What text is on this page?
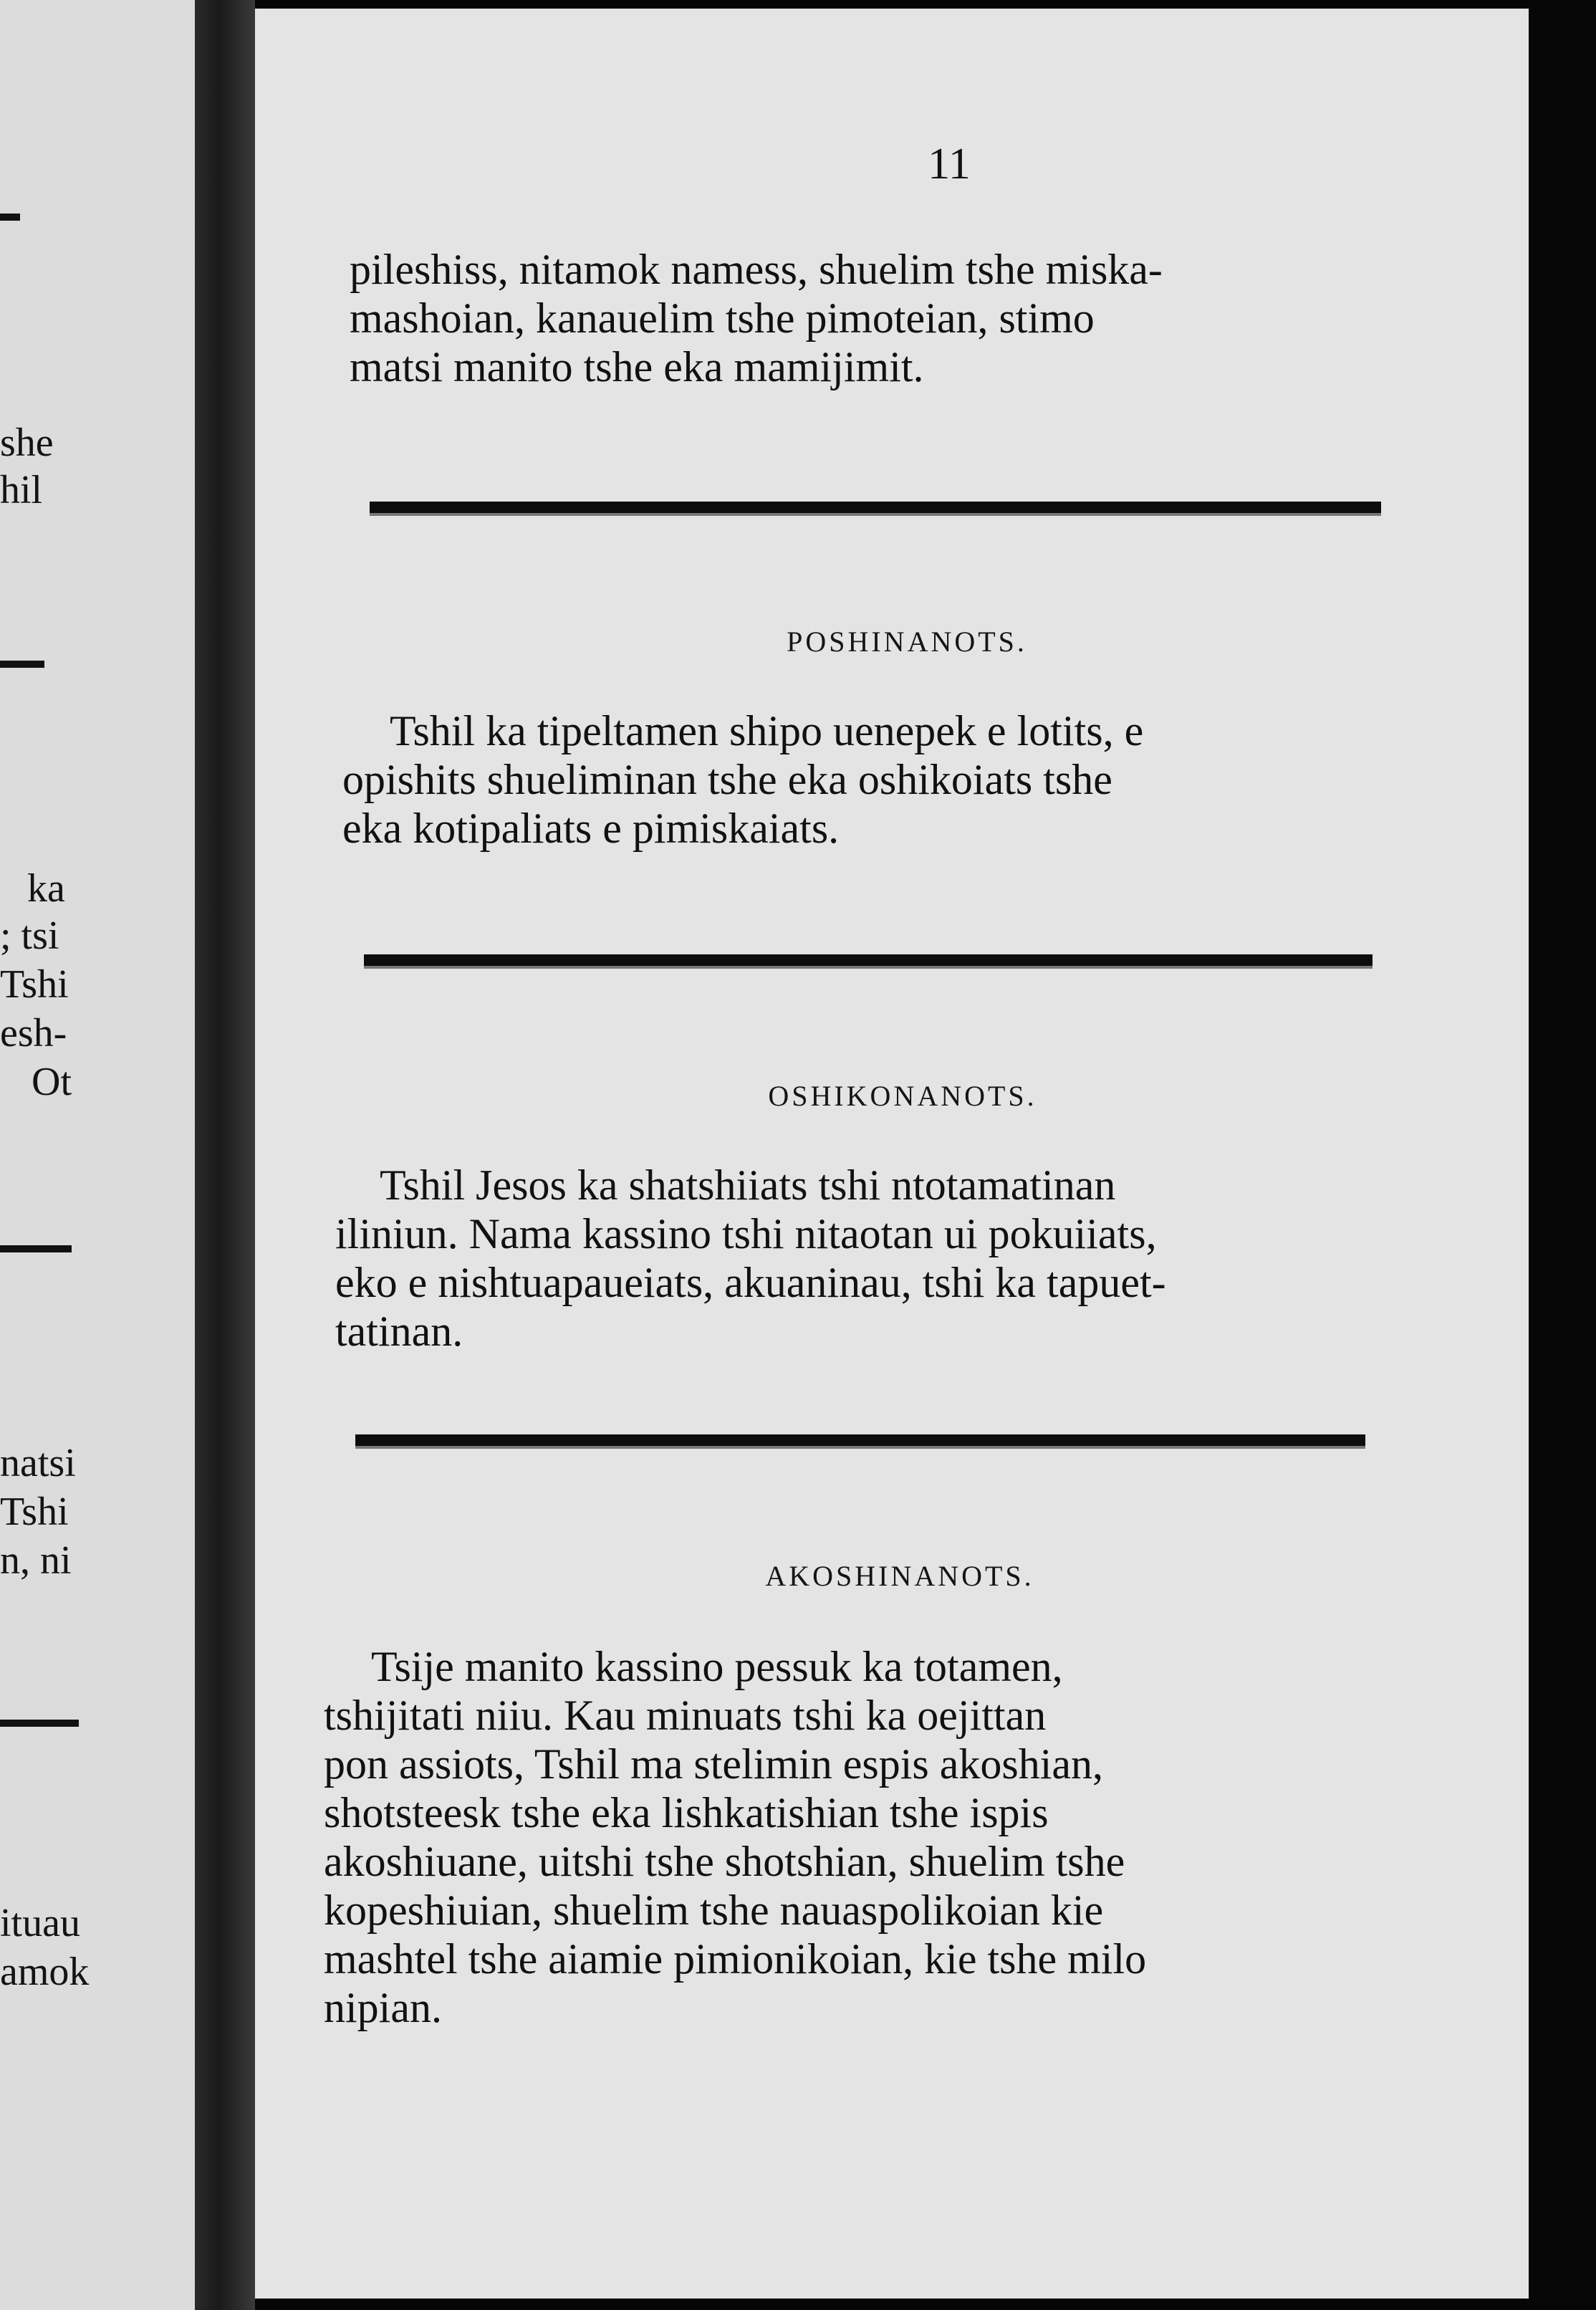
she
hil
ka
; tsi
Tshi
esh-
Ot
natsi
Tshi
n, ni
ituau
amok
11
pileshiss, nitamok namess, shuelim tshe miska-
mashoian, kanauelim tshe pimoteian, stimo
matsi manito tshe eka mamijimit.
POSHINANOTS.
Tshil ka tipeltamen shipo uenepek e lotits, e
opishits shueliminan tshe eka oshikoiats tshe
eka kotipaliats e pimiskaiats.
OSHIKONANOTS.
Tshil Jesos ka shatshiiats tshi ntotamatinan
iliniun. Nama kassino tshi nitaotan ui pokuiiats,
eko e nishtuapaueiats, akuaninau, tshi ka tapuet-
tatinan.
AKOSHINANOTS.
Tsije manito kassino pessuk ka totamen,
tshijitati niiu. Kau minuats tshi ka oejittan
pon assiots, Tshil ma stelimin espis akoshian,
shotsteesk tshe eka lishkatishian tshe ispis
akoshiuane, uitshi tshe shotshian, shuelim tshe
kopeshiuian, shuelim tshe nauaspolikoian kie
mashtel tshe aiamie pimionikoian, kie tshe milo
nipian.
